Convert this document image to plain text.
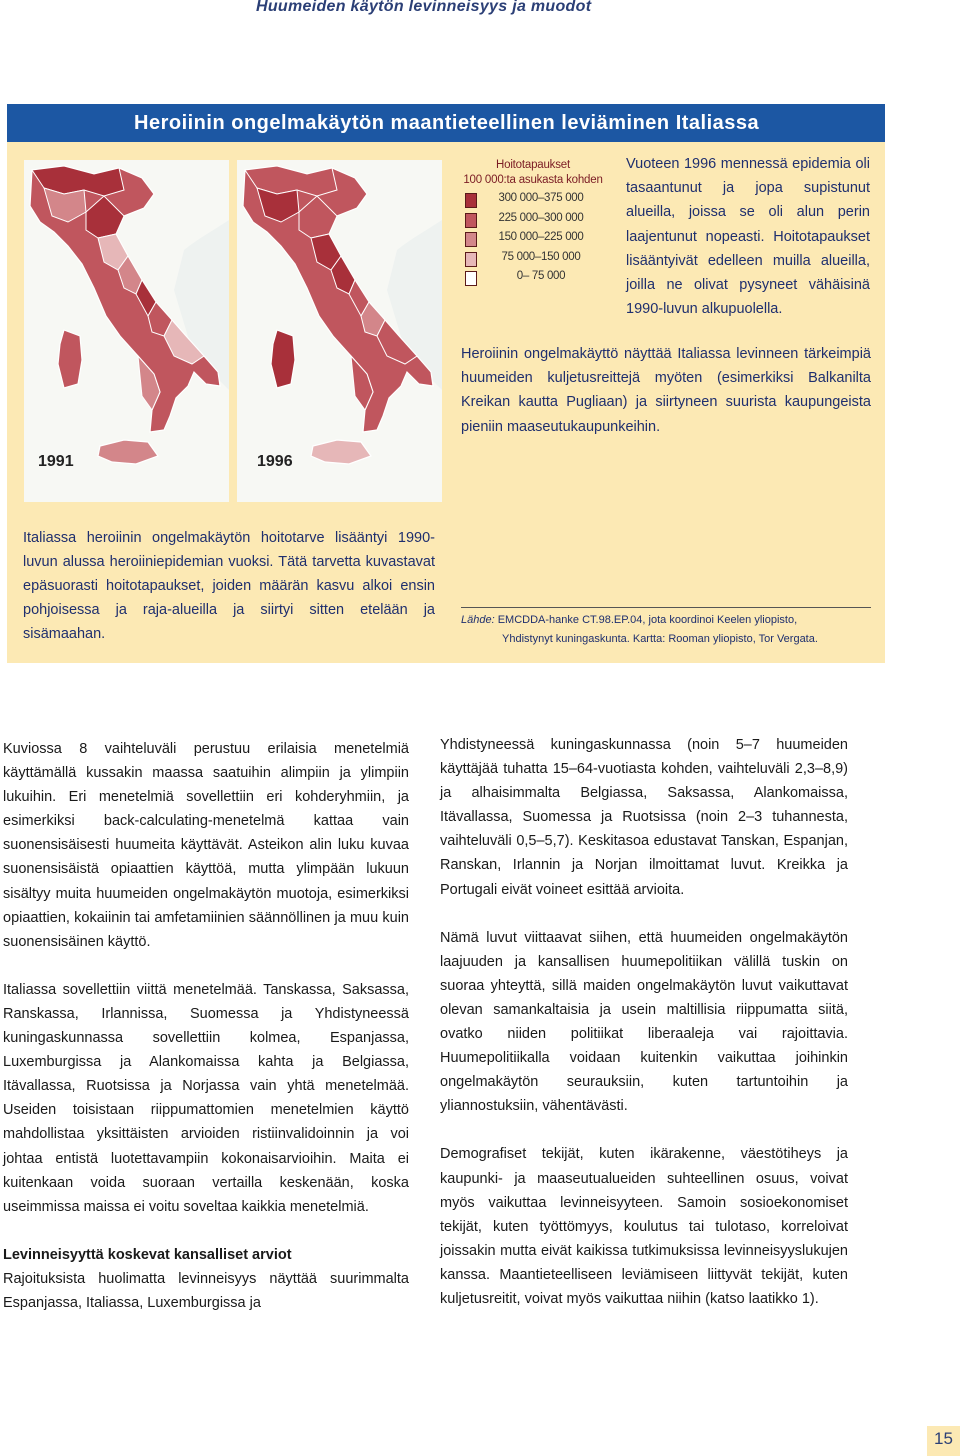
Huumeiden käytön levinneisyys ja muodot
Heroiinin ongelmakäytön maantieteellinen leviäminen Italiassa
1991	1996
Hoitotapaukset
100 000:ta asukasta kohden
300 000–375 000
225 000–300 000
150 000–225 000
75 000–150 000
0– 75 000
Vuoteen 1996 mennessä epidemia oli tasaantunut ja jopa supistunut alueilla, joissa se oli alun perin laajentunut nopeasti. Hoitotapaukset lisääntyivät edelleen muilla alueilla, joilla ne olivat pysyneet vähäisinä 1990-luvun alkupuolella.
Heroiinin ongelmakäyttö näyttää Italiassa levinneen tärkeimpiä huumeiden kuljetusreittejä myöten (esimerkiksi Balkanilta Kreikan kautta Pugliaan) ja siirtyneen suurista kaupungeista pieniin maaseutukaupunkeihin.
Italiassa heroiinin ongelmakäytön hoitotarve lisääntyi 1990-luvun alussa heroiiniepidemian vuoksi. Tätä tarvetta kuvastavat epäsuorasti hoitotapaukset, joiden määrän kasvu alkoi ensin pohjoisessa ja raja-alueilla ja siirtyi sitten etelään ja sisämaahan.
Lähde: EMCDDA-hanke CT.98.EP.04, jota koordinoi Keelen yliopisto,
Yhdistynyt kuningaskunta. Kartta: Rooman yliopisto, Tor Vergata.

Kuviossa 8 vaihteluväli perustuu erilaisia menetelmiä käyttämällä kussakin maassa saatuihin alimpiin ja ylimpiin lukuihin. Eri menetelmiä sovellettiin eri kohderyhmiin, ja esimerkiksi back-calculating-menetelmä kattaa vain suonensisäisesti huumeita käyttävät. Asteikon alin luku kuvaa suonensisäistä opiaattien käyttöä, mutta ylimpään lukuun sisältyy muita huumeiden ongelmakäytön muotoja, esimerkiksi opiaattien, kokaiinin tai amfetamiinien säännöllinen ja muu kuin suonensisäinen käyttö.

Italiassa sovellettiin viittä menetelmää. Tanskassa, Saksassa, Ranskassa, Irlannissa, Suomessa ja Yhdistyneessä kuningaskunnassa sovellettiin kolmea, Espanjassa, Luxemburgissa ja Alankomaissa kahta ja Belgiassa, Itävallassa, Ruotsissa ja Norjassa vain yhtä menetelmää. Useiden toisistaan riippumattomien menetelmien käyttö mahdollistaa yksittäisten arvioiden ristiinvalidoinnin ja voi johtaa entistä luotettavampiin kokonaisarvioihin. Maita ei kuitenkaan voida suoraan vertailla keskenään, koska useimmissa maissa ei voitu soveltaa kaikkia menetelmiä.

Levinneisyyttä koskevat kansalliset arviot

Rajoituksista huolimatta levinneisyys näyttää suurimmalta Espanjassa, Italiassa, Luxemburgissa ja

Yhdistyneessä kuningaskunnassa (noin 5–7 huumeiden käyttäjää tuhatta 15–64-vuotiasta kohden, vaihteluväli 2,3–8,9) ja alhaisimmalta Belgiassa, Saksassa, Alankomaissa, Itävallassa, Suomessa ja Ruotsissa (noin 2–3 tuhannesta, vaihteluväli 0,5–5,7). Keskitasoa edustavat Tanskan, Espanjan, Ranskan, Irlannin ja Norjan ilmoittamat luvut. Kreikka ja Portugali eivät voineet esittää arvioita.

Nämä luvut viittaavat siihen, että huumeiden ongelmakäytön laajuuden ja kansallisen huumepolitiikan välillä tuskin on suoraa yhteyttä, sillä maiden ongelmakäytön luvut vaikuttavat olevan samankaltaisia ja usein maltillisia riippumatta siitä, ovatko niiden politiikat liberaaleja vai rajoittavia. Huumepolitiikalla voidaan kuitenkin vaikuttaa joihinkin ongelmakäytön seurauksiin, kuten tartuntoihin ja yliannostuksiin, vähentävästi.

Demografiset tekijät, kuten ikärakenne, väestötiheys ja kaupunki- ja maaseutualueiden suhteellinen osuus, voivat myös vaikuttaa levinneisyyteen. Samoin sosioekonomiset tekijät, kuten työttömyys, koulutus tai tulotaso, korreloivat joissakin mutta eivät kaikissa tutkimuksissa levinneisyyslukujen kanssa. Maantieteelliseen leviämiseen liittyvät tekijät, kuten kuljetusreitit, voivat myös vaikuttaa niihin (katso laatikko 1).

15
